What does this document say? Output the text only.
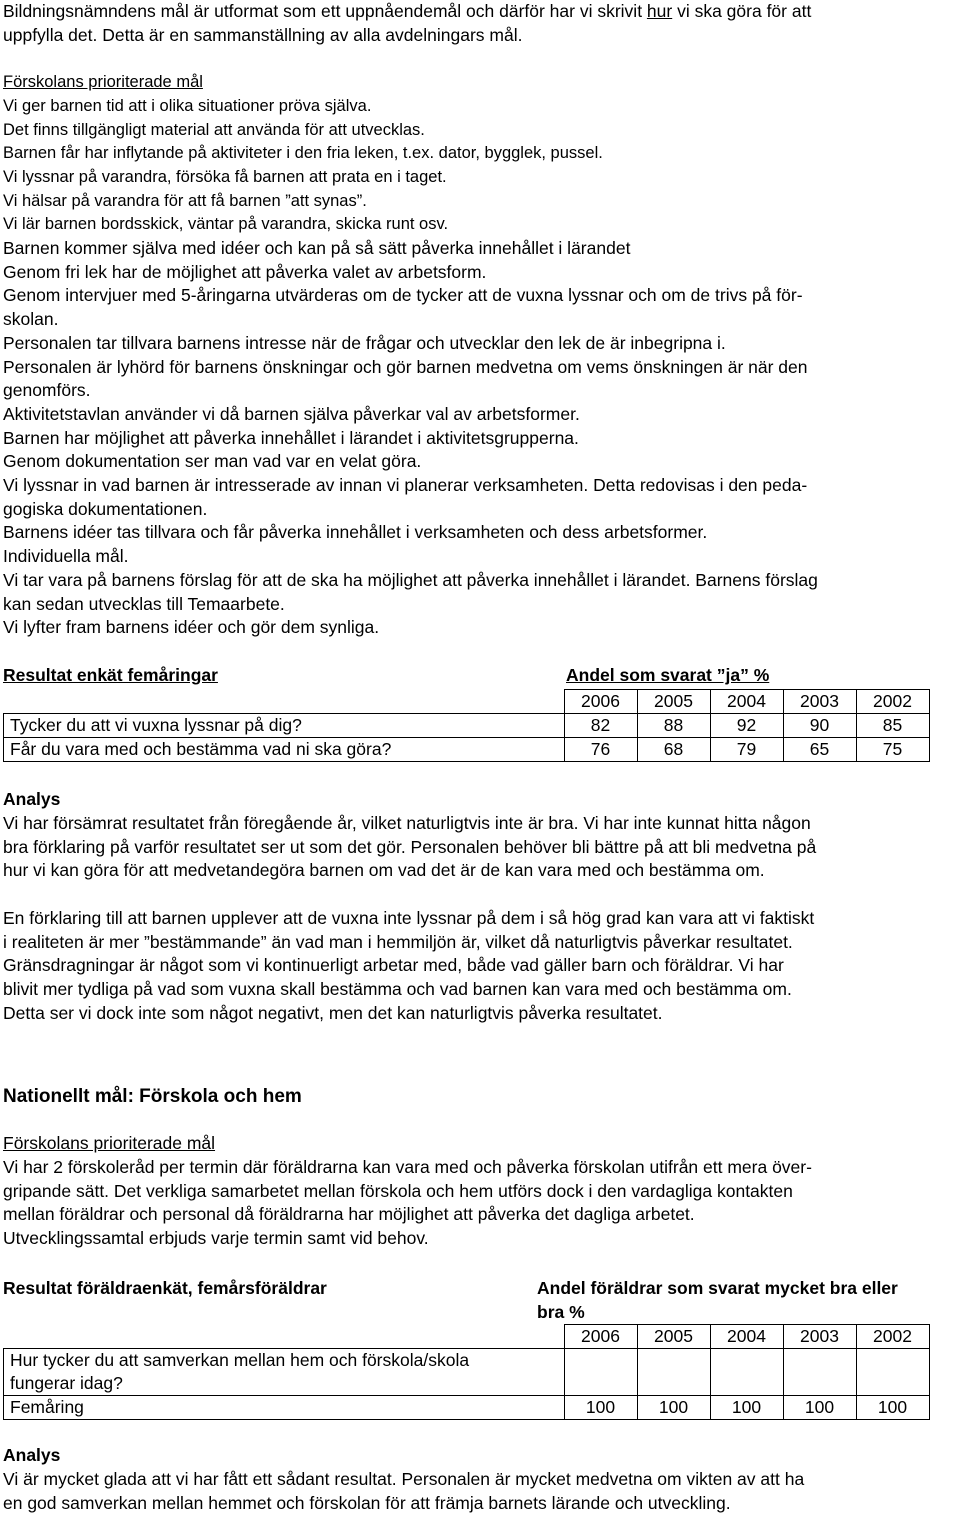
Bildningsnämndens mål är utformat som ett uppnåendemål och därför har vi skrivit hur vi ska göra för att

uppfylla det. Detta är en sammanställning av alla avdelningars mål.

Förskolans prioriterade mål

Vi ger barnen tid att i olika situationer pröva själva.

Det finns tillgängligt material att använda för att utvecklas.

Barnen får har inflytande på aktiviteter i den fria leken, t.ex. dator, bygglek, pussel.

Vi lyssnar på varandra, försöka få barnen att prata en i taget.

Vi hälsar på varandra för att få barnen ”att synas”.

Vi lär barnen bordsskick, väntar på varandra, skicka runt osv.

Barnen kommer själva med idéer och kan på så sätt påverka innehållet i lärandet

Genom fri lek har de möjlighet att påverka valet av arbetsform.

Genom intervjuer med 5-åringarna utvärderas om de tycker att de vuxna lyssnar och om de trivs på för-

skolan.

Personalen tar tillvara barnens intresse när de frågar och utvecklar den lek de är inbegripna i.

Personalen är lyhörd för barnens önskningar och gör barnen medvetna om vems önskningen är när den

genomförs.

Aktivitetstavlan använder vi då barnen själva påverkar val av arbetsformer.

Barnen har möjlighet att påverka innehållet i lärandet i aktivitetsgrupperna.

Genom dokumentation ser man vad var en velat göra.

Vi lyssnar in vad barnen är intresserade av innan vi planerar verksamheten. Detta redovisas i den peda-

gogiska dokumentationen.

Barnens idéer tas tillvara och får påverka innehållet i verksamheten och dess arbetsformer.

Individuella mål.

Vi tar vara på barnens förslag för att de ska ha möjlighet att påverka innehållet i lärandet. Barnens förslag

kan sedan utvecklas till Temaarbete.

Vi lyfter fram barnens idéer och gör dem synliga.

Resultat enkät femåringar	Andel som svarat ”ja” %
	2006	2005	2004	2003	2002
Tycker du att vi vuxna lyssnar på dig?	82	88	92	90	85
Får du vara med och bestämma vad ni ska göra?	76	68	79	65	75

Analys

Vi har försämrat resultatet från föregående år, vilket naturligtvis inte är bra. Vi har inte kunnat hitta någon

bra förklaring på varför resultatet ser ut som det gör. Personalen behöver bli bättre på att bli medvetna på

hur vi kan göra för att medvetandegöra barnen om vad det är de kan vara med och bestämma om.

En förklaring till att barnen upplever att de vuxna inte lyssnar på dem i så hög grad kan vara att vi faktiskt

i realiteten är mer ”bestämmande” än vad man i hemmiljön är, vilket då naturligtvis påverkar resultatet.

Gränsdragningar är något som vi kontinuerligt arbetar med, både vad gäller barn och föräldrar. Vi har

blivit mer tydliga på vad som vuxna skall bestämma och vad barnen kan vara med och bestämma om.

Detta ser vi dock inte som något negativt, men det kan naturligtvis påverka resultatet.

Nationellt mål: Förskola och hem

Förskolans prioriterade mål

Vi har 2 förskoleråd per termin där föräldrarna kan vara med och påverka förskolan utifrån ett mera över-

gripande sätt. Det verkliga samarbetet mellan förskola och hem utförs dock i den vardagliga kontakten

mellan föräldrar och personal då föräldrarna har möjlighet att påverka det dagliga arbetet.

Utvecklingssamtal erbjuds varje termin samt vid behov.

Resultat föräldraenkät, femårsföräldrar	Andel föräldrar som svarat mycket bra eller
bra %
	2006	2005	2004	2003	2002

Hur tycker du att samverkan mellan hem och förskola/skola
fungerar idag?					

Femåring	100	100	100	100	100

Analys

Vi är mycket glada att vi har fått ett sådant resultat. Personalen är mycket medvetna om vikten av att ha

en god samverkan mellan hemmet och förskolan för att främja barnets lärande och utveckling.
